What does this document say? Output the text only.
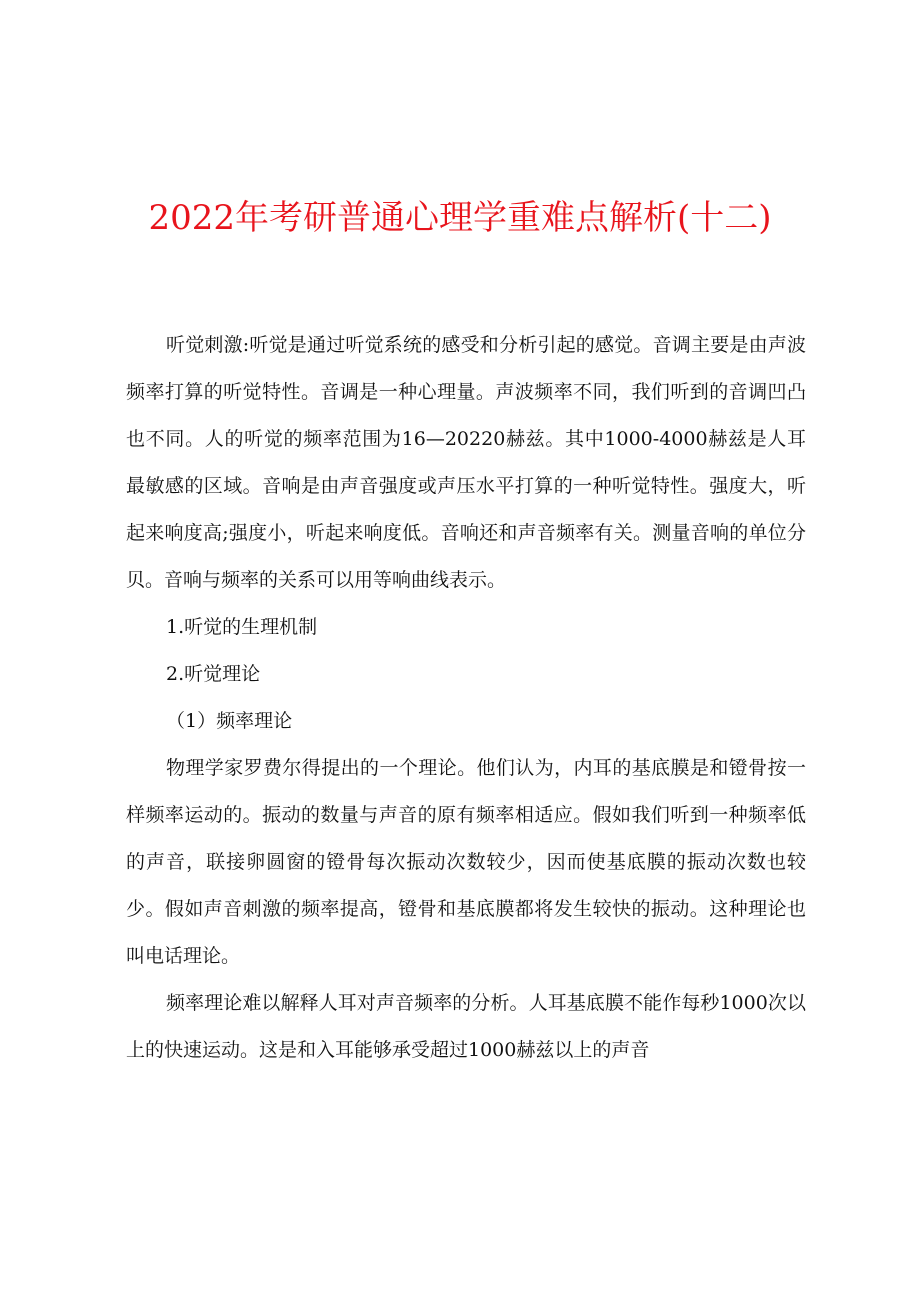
2022年考研普通心理学重难点解析(十二)

听觉刺激:听觉是通过听觉系统的感受和分析引起的感觉。音调主要是由声波频率打算的听觉特性。音调是一种心理量。声波频率不同，我们听到的音调凹凸也不同。人的听觉的频率范围为16—20220赫兹。其中1000-4000赫兹是人耳最敏感的区域。音响是由声音强度或声压水平打算的一种听觉特性。强度大，听起来响度高;强度小，听起来响度低。音响还和声音频率有关。测量音响的单位分贝。音响与频率的关系可以用等响曲线表示。

1.听觉的生理机制

2.听觉理论

（1）频率理论

物理学家罗费尔得提出的一个理论。他们认为，内耳的基底膜是和镫骨按一样频率运动的。振动的数量与声音的原有频率相适应。假如我们听到一种频率低的声音，联接卵圆窗的镫骨每次振动次数较少，因而使基底膜的振动次数也较少。假如声音刺激的频率提高，镫骨和基底膜都将发生较快的振动。这种理论也叫电话理论。

频率理论难以解释人耳对声音频率的分析。人耳基底膜不能作每秒1000次以上的快速运动。这是和入耳能够承受超过1000赫兹以上的声音
